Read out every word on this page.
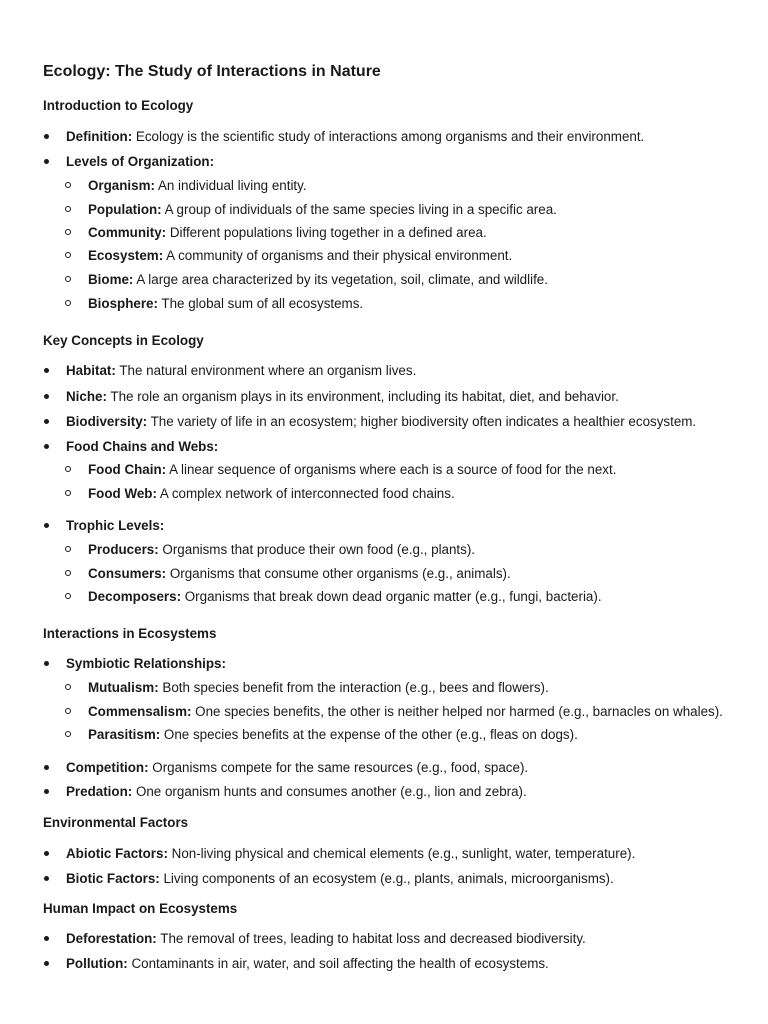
Ecology: The Study of Interactions in Nature
Introduction to Ecology
Definition: Ecology is the scientific study of interactions among organisms and their environment.
Levels of Organization:
Organism: An individual living entity.
Population: A group of individuals of the same species living in a specific area.
Community: Different populations living together in a defined area.
Ecosystem: A community of organisms and their physical environment.
Biome: A large area characterized by its vegetation, soil, climate, and wildlife.
Biosphere: The global sum of all ecosystems.
Key Concepts in Ecology
Habitat: The natural environment where an organism lives.
Niche: The role an organism plays in its environment, including its habitat, diet, and behavior.
Biodiversity: The variety of life in an ecosystem; higher biodiversity often indicates a healthier ecosystem.
Food Chains and Webs:
Food Chain: A linear sequence of organisms where each is a source of food for the next.
Food Web: A complex network of interconnected food chains.
Trophic Levels:
Producers: Organisms that produce their own food (e.g., plants).
Consumers: Organisms that consume other organisms (e.g., animals).
Decomposers: Organisms that break down dead organic matter (e.g., fungi, bacteria).
Interactions in Ecosystems
Symbiotic Relationships:
Mutualism: Both species benefit from the interaction (e.g., bees and flowers).
Commensalism: One species benefits, the other is neither helped nor harmed (e.g., barnacles on whales).
Parasitism: One species benefits at the expense of the other (e.g., fleas on dogs).
Competition: Organisms compete for the same resources (e.g., food, space).
Predation: One organism hunts and consumes another (e.g., lion and zebra).
Environmental Factors
Abiotic Factors: Non-living physical and chemical elements (e.g., sunlight, water, temperature).
Biotic Factors: Living components of an ecosystem (e.g., plants, animals, microorganisms).
Human Impact on Ecosystems
Deforestation: The removal of trees, leading to habitat loss and decreased biodiversity.
Pollution: Contaminants in air, water, and soil affecting the health of ecosystems.
